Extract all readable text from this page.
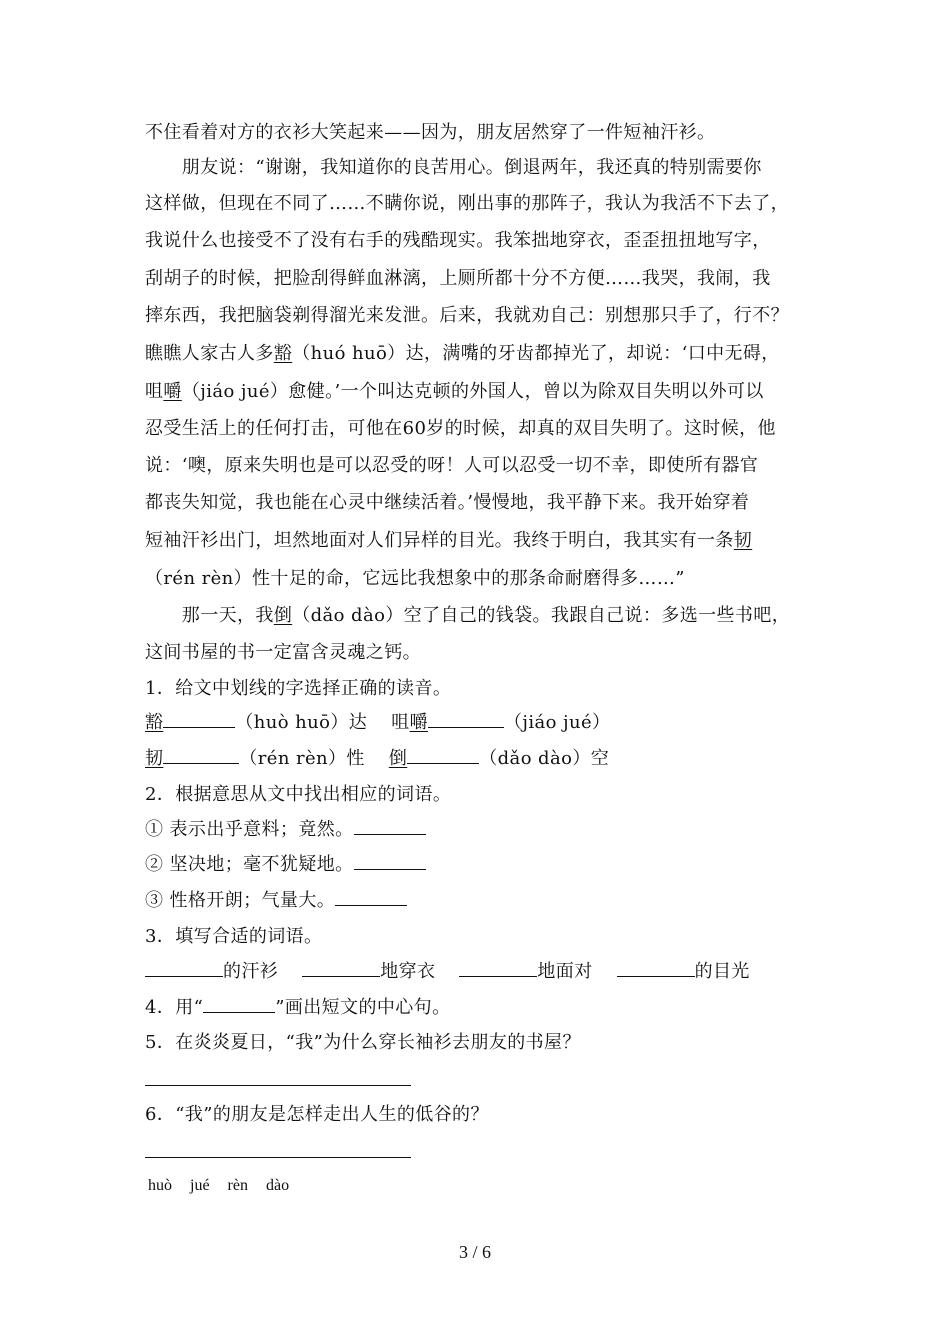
不住看着对方的衣衫大笑起来——因为，朋友居然穿了一件短袖汗衫。
　　朋友说：“谢谢，我知道你的良苦用心。倒退两年，我还真的特别需要你
这样做，但现在不同了……不瞒你说，刚出事的那阵子，我认为我活不下去了，
我说什么也接受不了没有右手的残酷现实。我笨拙地穿衣，歪歪扭扭地写字，
刮胡子的时候，把脸刮得鲜血淋漓，上厕所都十分不方便……我哭，我闹，我
摔东西，我把脑袋剃得溜光来发泄。后来，我就劝自己：别想那只手了，行不？
瞧瞧人家古人多豁（huó huō）达，满嘴的牙齿都掉光了，却说：‘口中无碍，
咀嚼（jiáo jué）愈健。’一个叫达克顿的外国人，曾以为除双目失明以外可以
忍受生活上的任何打击，可他在60岁的时候，却真的双目失明了。这时候，他
说：‘噢，原来失明也是可以忍受的呀！人可以忍受一切不幸，即使所有器官
都丧失知觉，我也能在心灵中继续活着。’慢慢地，我平静下来。我开始穿着
短袖汗衫出门，坦然地面对人们异样的目光。我终于明白，我其实有一条韧
（rén rèn）性十足的命，它远比我想象中的那条命耐磨得多……”
　　那一天，我倒（dǎo dào）空了自己的钱袋。我跟自己说：多选一些书吧，
这间书屋的书一定富含灵魂之钙。
1．给文中划线的字选择正确的读音。
豁	（huò huō）达 咀嚼	（jiáo jué）
韧	（rén rèn）性 倒	（dǎo dào）空
2．根据意思从文中找出相应的词语。
① 表示出乎意料；竟然。
② 坚决地；毫不犹疑地。
③ 性格开朗；气量大。
3．填写合适的词语。
的汗衫	地穿衣	地面对	的目光
4．用“	”画出短文的中心句。
5．在炎炎夏日，“我”为什么穿长袖衫去朋友的书屋？
6．“我”的朋友是怎样走出人生的低谷的？
huò jué rèn dào
3 / 6
